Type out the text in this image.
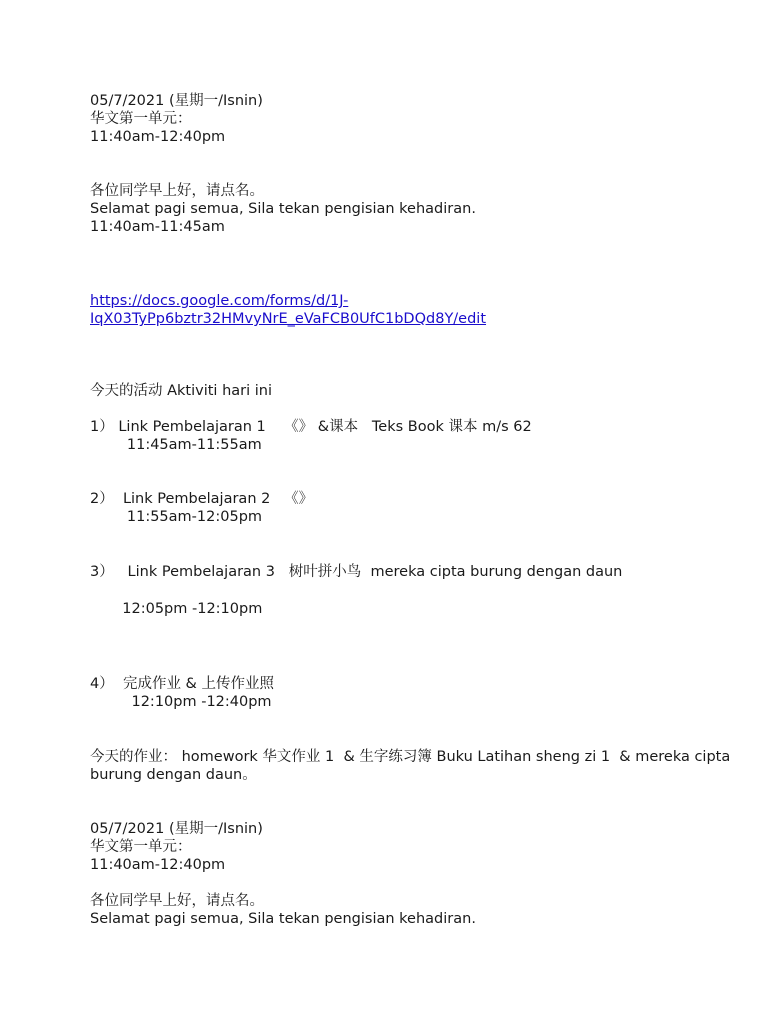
05/7/2021 (星期一/Isnin)

华文第一单元：

11:40am-12:40pm

各位同学早上好，请点名。

Selamat pagi semua, Sila tekan pengisian kehadiran.

11:40am-11:45am

https://docs.google.com/forms/d/1J-

IqX03TyPp6bztr32HMvyNrE_eVaFCB0UfC1bDQd8Y/edit

今天的活动 Aktiviti hari ini

1） Link Pembelajaran 1    《》 &课本   Teks Book 课本 m/s 62

11:45am-11:55am

2）  Link Pembelajaran 2   《》

11:55am-12:05pm

3）   Link Pembelajaran 3   树叶拼小鸟  mereka cipta burung dengan daun

12:05pm -12:10pm

4）  完成作业 & 上传作业照

12:10pm -12:40pm

今天的作业： homework 华文作业 1  & 生字练习簿 Buku Latihan sheng zi 1  & mereka cipta

burung dengan daun。

05/7/2021 (星期一/Isnin)

华文第一单元：

11:40am-12:40pm

各位同学早上好，请点名。

Selamat pagi semua, Sila tekan pengisian kehadiran.
